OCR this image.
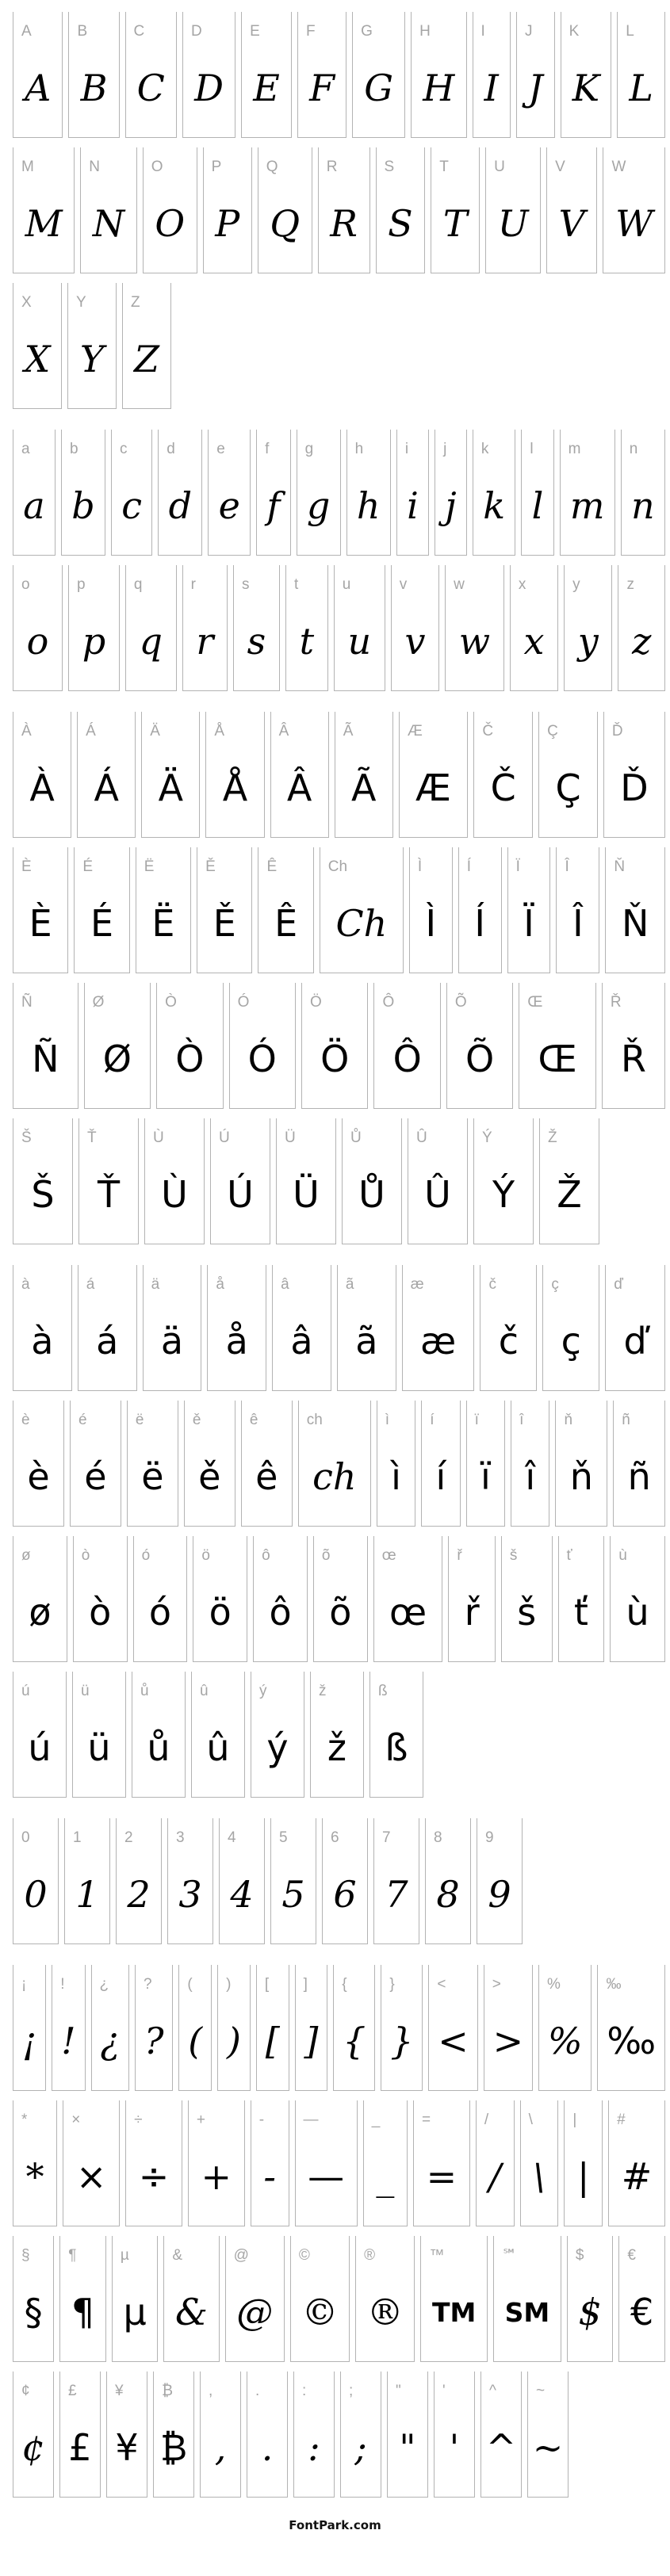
A
A
B
B
C
C
D
D
E
E
F
F
G
G
H
H
I
I
J
J
K
K
L
L
M
M
N
N
O
O
P
P
Q
Q
R
R
S
S
T
T
U
U
V
V
W
W
X
X
Y
Y
Z
Z
a
a
b
b
c
c
d
d
e
e
f
f
g
g
h
h
i
i
j
j
k
k
l
l
m
m
n
n
o
o
p
p
q
q
r
r
s
s
t
t
u
u
v
v
w
w
x
x
y
y
z
z
À
À
Á
Á
Ä
Ä
Å
Å
Â
Â
Ã
Ã
Æ
Æ
Č
Č
Ç
Ç
Ď
Ď
È
È
É
É
Ë
Ë
Ě
Ě
Ê
Ê
Ch
Ch
Ì
Ì
Í
Í
Ï
Ï
Î
Î
Ň
Ň
Ñ
Ñ
Ø
Ø
Ò
Ò
Ó
Ó
Ö
Ö
Ô
Ô
Õ
Õ
Œ
Œ
Ř
Ř
Š
Š
Ť
Ť
Ù
Ù
Ú
Ú
Ü
Ü
Ů
Ů
Û
Û
Ý
Ý
Ž
Ž
à
à
á
á
ä
ä
å
å
â
â
ã
ã
æ
æ
č
č
ç
ç
ď
ď
è
è
é
é
ë
ë
ě
ě
ê
ê
ch
ch
ì
ì
í
í
ï
ï
î
î
ň
ň
ñ
ñ
ø
ø
ò
ò
ó
ó
ö
ö
ô
ô
õ
õ
œ
œ
ř
ř
š
š
ť
ť
ù
ù
ú
ú
ü
ü
ů
ů
û
û
ý
ý
ž
ž
ß
ß
0
0
1
1
2
2
3
3
4
4
5
5
6
6
7
7
8
8
9
9
¡
¡
!
!
¿
¿
?
?
(
(
)
)
[
[
]
]
{
{
}
}
<
<
>
>
%
%
‰
‰
*
*
×
×
÷
÷
+
+
-
-
—
—
_
_
=
=
/
/
\
\
|
|
#
#
§
§
¶
¶
µ
µ
&
&
@
@
©
©
®
®
™
TM
℠
SM
$
$
€
€
¢
¢
£
£
¥
¥
₿
₿
,
,
.
.
:
:
;
;
"
"
'
'
^
^
~
~
FontPark.com
